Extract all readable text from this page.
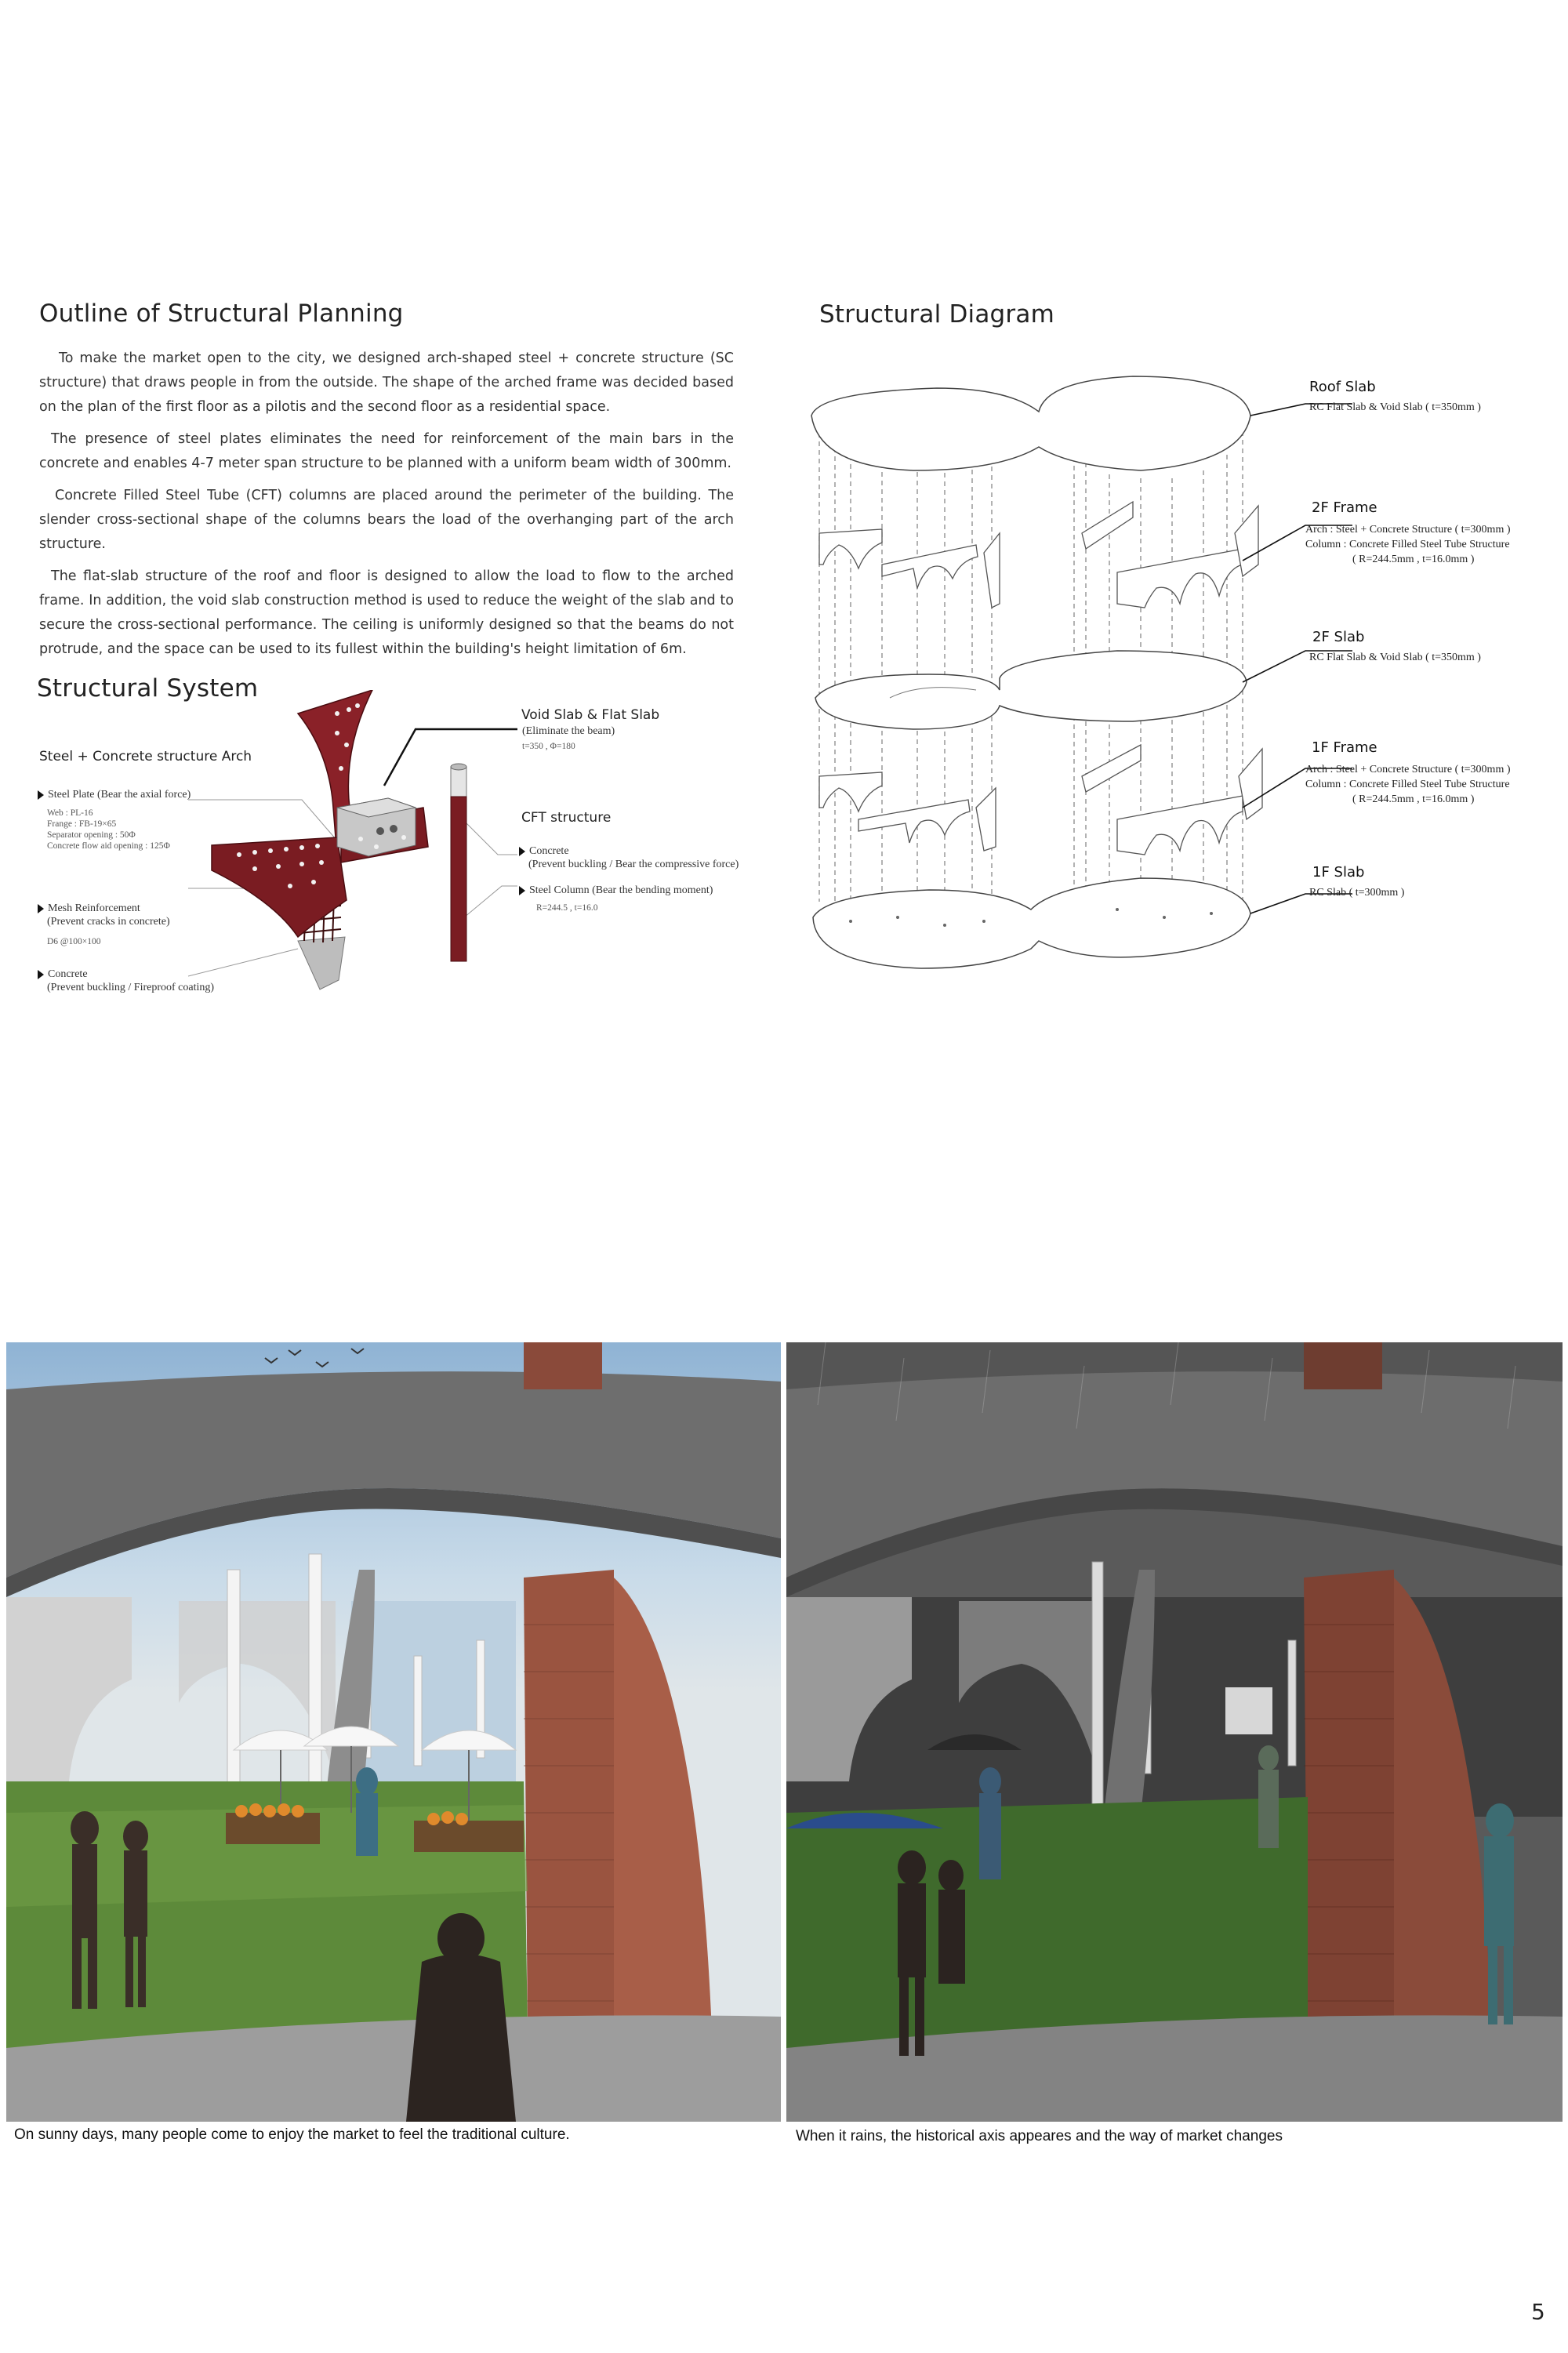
Outline of Structural Planning

To make the market open to the city, we designed arch-shaped steel + concrete structure (SC structure) that draws people in from the outside. The shape of the arched frame was decided based on the plan of the first floor as a pilotis and the second floor as a residential space.

The presence of steel plates eliminates the need for reinforcement of the main bars in the concrete and enables 4-7 meter span structure to be planned with a uniform beam width of 300mm.

Concrete Filled Steel Tube (CFT) columns are placed around the perimeter of the building. The slender cross-sectional shape of the columns bears the load of the overhanging part of the arch structure.

The flat-slab structure of the roof and floor is designed to allow the load to flow to the arched frame. In addition, the void slab construction method is used to reduce the weight of the slab and to secure the cross-sectional performance. The ceiling is uniformly designed so that the beams do not protrude, and the space can be used to its fullest within the building's height limitation of 6m.

Structural System
Steel + Concrete structure Arch
Steel Plate (Bear the axial force)
Web : PL-16
Frange : FB-19×65
Separator opening : 50Φ
Concrete flow aid opening : 125Φ
Mesh Reinforcement
(Prevent cracks in concrete)
D6 @100×100
Concrete
(Prevent buckling / Fireproof coating)
Void Slab & Flat Slab
(Eliminate the beam)
t=350 , Φ=180
CFT structure
Concrete
(Prevent buckling / Bear the compressive force)
Steel Column (Bear the bending moment)
R=244.5 , t=16.0
Structural Diagram
Roof Slab
RC Flat Slab & Void Slab ( t=350mm )
2F Frame
Arch : Steel + Concrete Structure ( t=300mm )
Column : Concrete Filled Steel Tube Structure
( R=244.5mm , t=16.0mm )
2F Slab
RC Flat Slab & Void Slab ( t=350mm )
1F Frame
Arch : Steel + Concrete Structure ( t=300mm )
Column : Concrete Filled Steel Tube Structure
( R=244.5mm , t=16.0mm )
1F Slab
RC Slab ( t=300mm )
On sunny days, many people come to enjoy the market to feel the traditional culture.	When it rains, the historical axis appeares and the way of market changes
5
